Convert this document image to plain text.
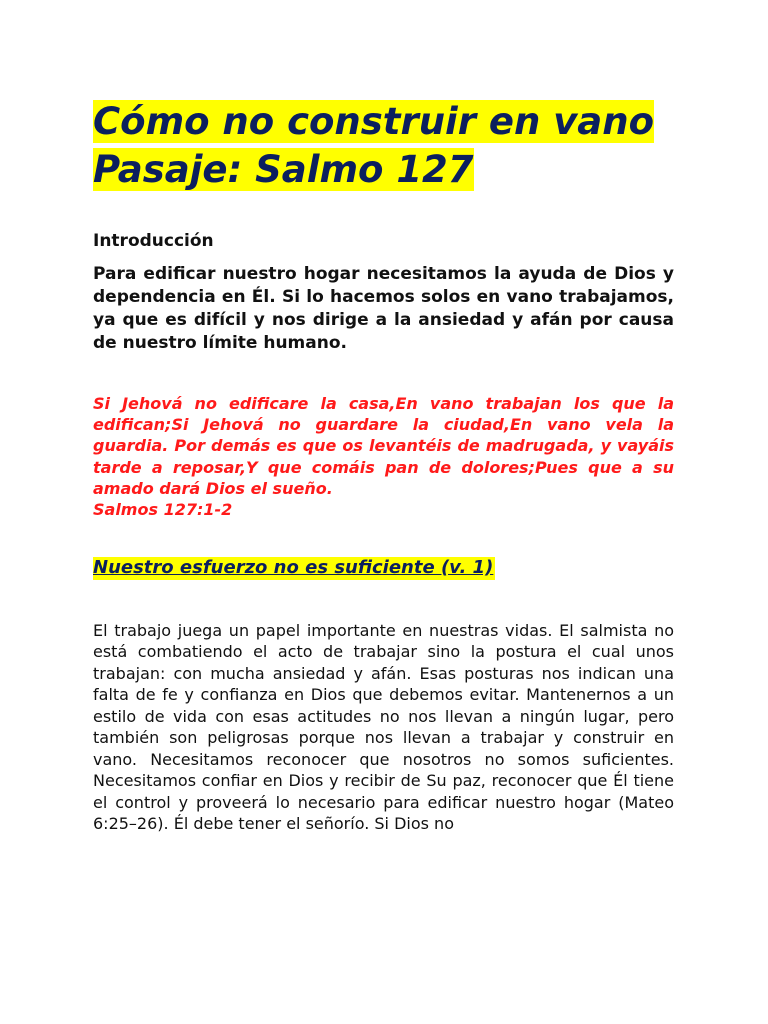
Cómo no construir en vano
Pasaje: Salmo 127
Introducción

Para edificar nuestro hogar necesitamos la ayuda de Dios y dependencia en Él. Si lo hacemos solos en vano trabajamos, ya que es difícil y nos dirige a la ansiedad y afán por causa de nuestro límite humano.

Si Jehová no edificare la casa,En vano trabajan los que la edifican;Si Jehová no guardare la ciudad,En vano vela la guardia. Por demás es que os levantéis de madrugada, y vayáis tarde a reposar,Y que comáis pan de dolores;Pues que a su amado dará Dios el sueño.
Salmos 127:1-2
Nuestro esfuerzo no es suficiente (v. 1)

El trabajo juega un papel importante en nuestras vidas. El salmista no está combatiendo el acto de trabajar sino la postura el cual unos trabajan: con mucha ansiedad y afán. Esas posturas nos indican una falta de fe y confianza en Dios que debemos evitar. Mantenernos a un estilo de vida con esas actitudes no nos llevan a ningún lugar, pero también son peligrosas porque nos llevan a trabajar y construir en vano. Necesitamos reconocer que nosotros no somos suficientes. Necesitamos confiar en Dios y recibir de Su paz, reconocer que Él tiene el control y proveerá lo necesario para edificar nuestro hogar (Mateo 6:25–26). Él debe tener el señorío. Si Dios no
